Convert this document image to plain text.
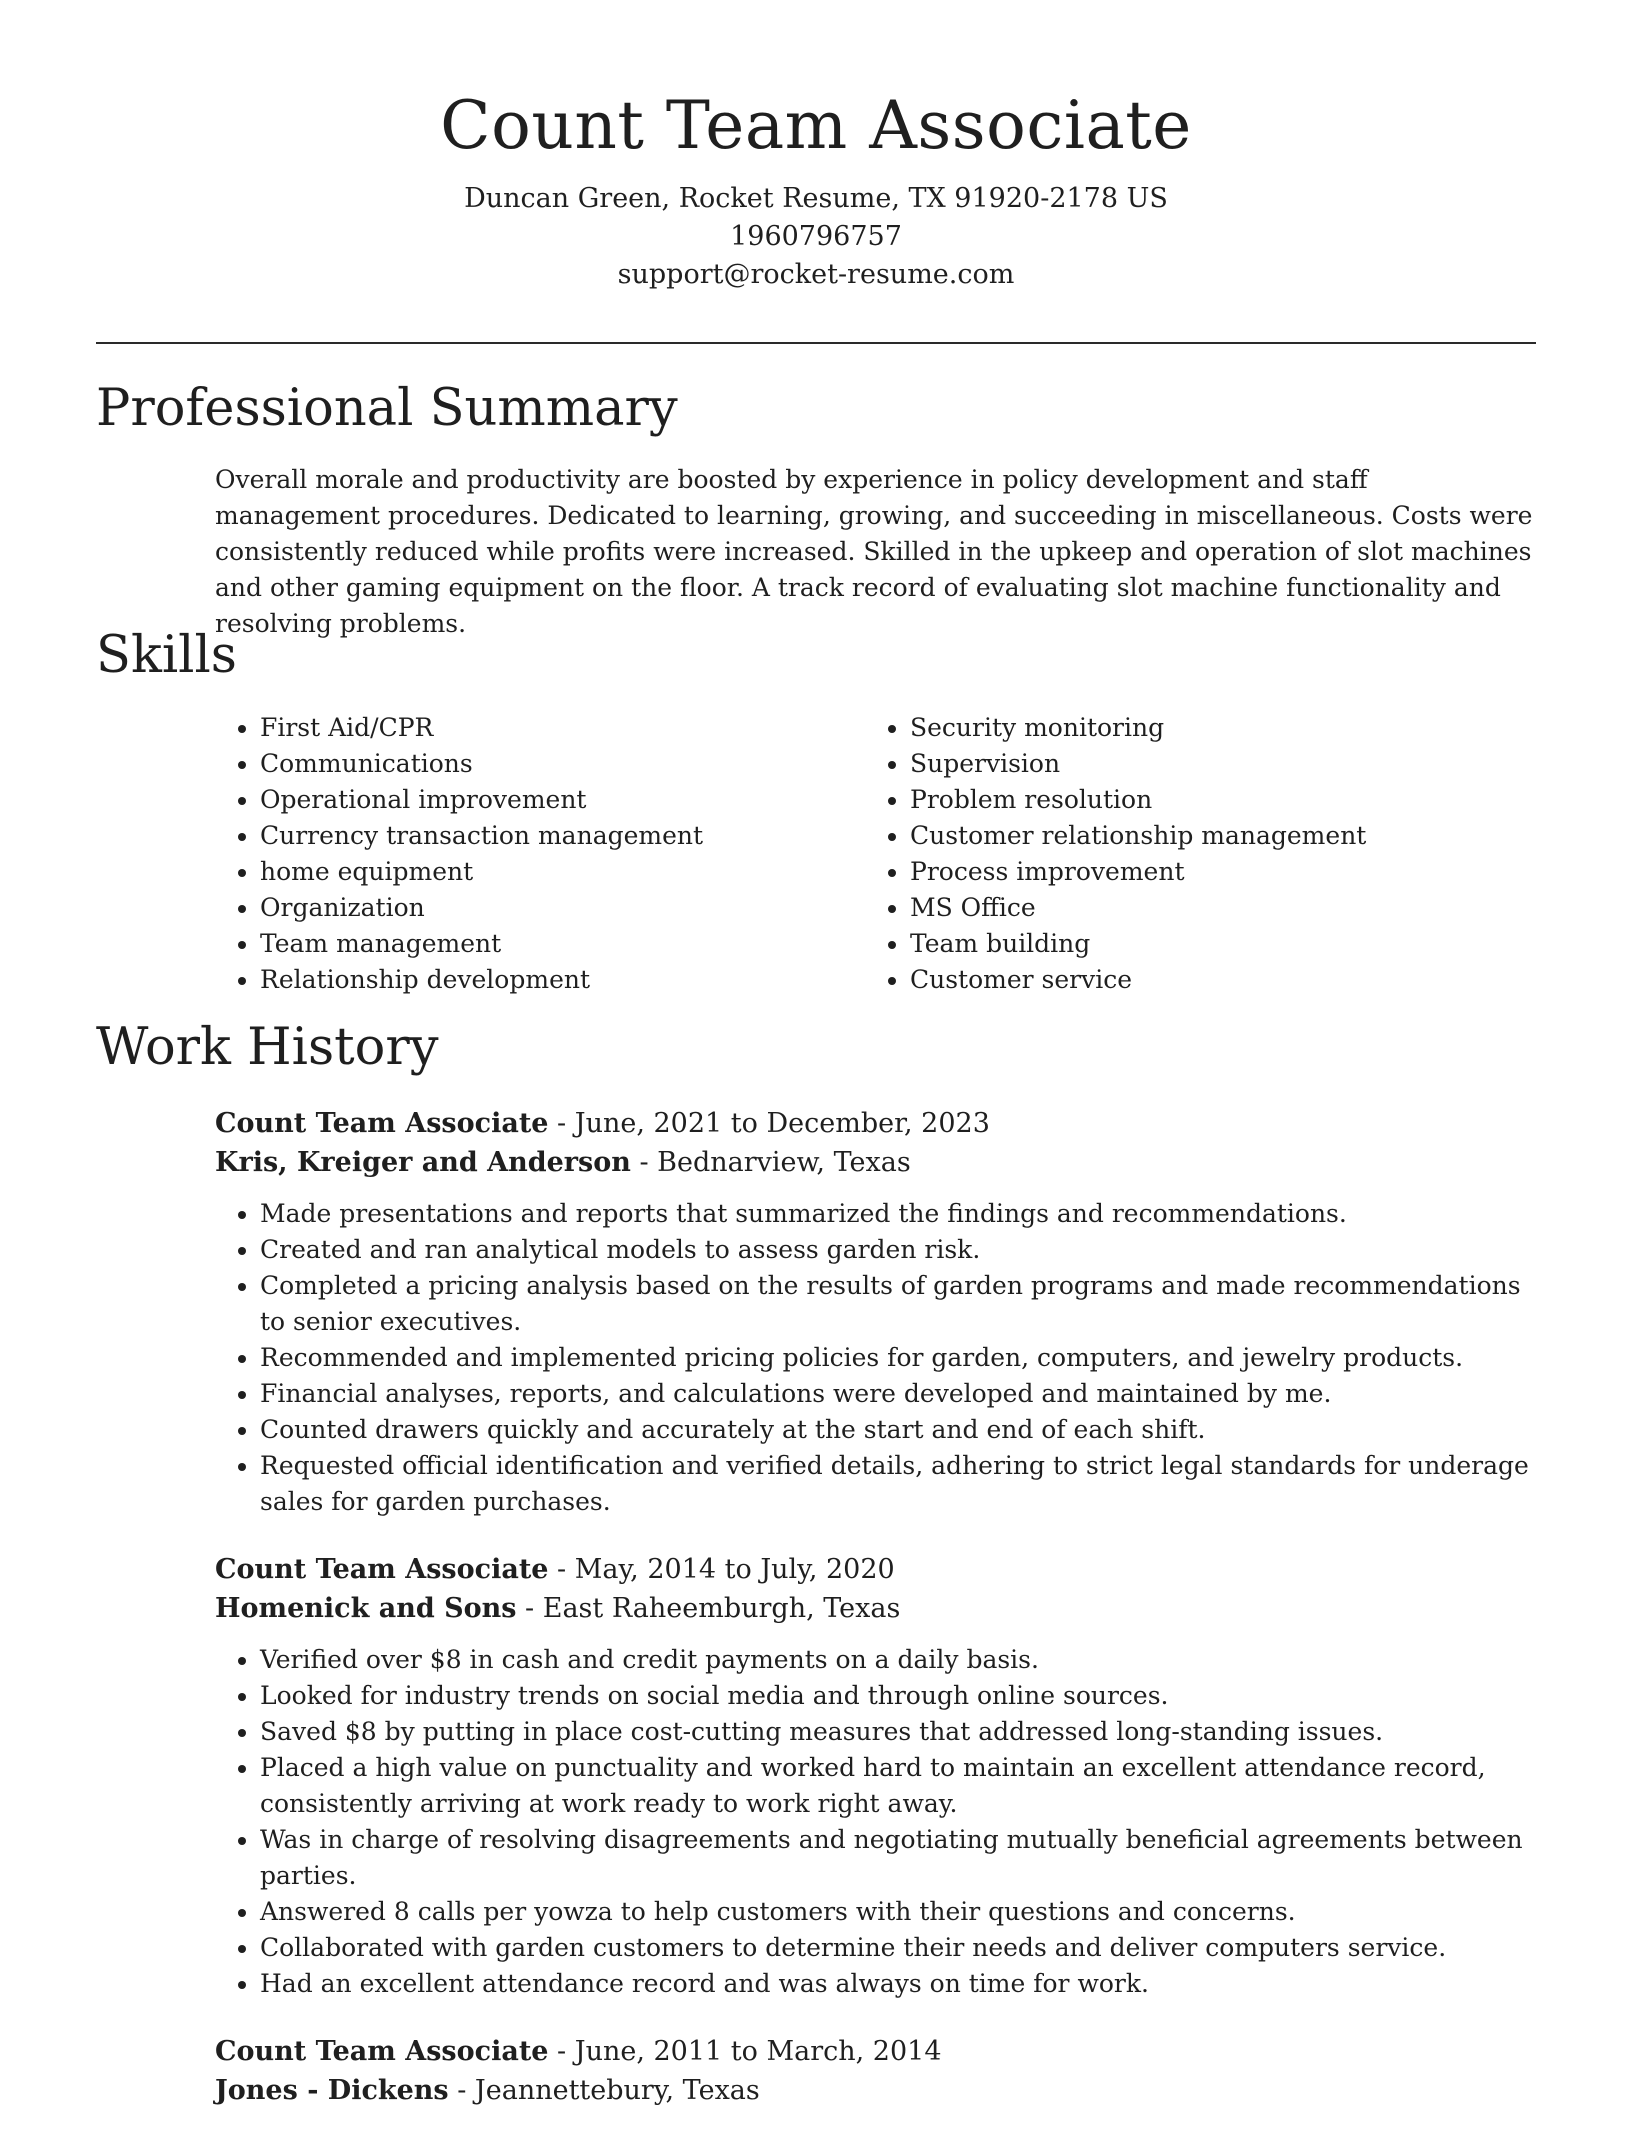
Count Team Associate

Duncan Green, Rocket Resume, TX 91920-2178 US

1960796757

support@rocket-resume.com

Professional Summary

Overall morale and productivity are boosted by experience in policy development and staff management procedures. Dedicated to learning, growing, and succeeding in miscellaneous. Costs were consistently reduced while profits were increased. Skilled in the upkeep and operation of slot machines and other gaming equipment on the floor. A track record of evaluating slot machine functionality and resolving problems.

Skills
• First Aid/CPR
• Communications
• Operational improvement
• Currency transaction management
• home equipment
• Organization
• Team management
• Relationship development
• Security monitoring
• Supervision
• Problem resolution
• Customer relationship management
• Process improvement
• MS Office
• Team building
• Customer service
Work History

Count Team Associate - June, 2021 to December, 2023

Kris, Kreiger and Anderson - Bednarview, Texas

• Made presentations and reports that summarized the findings and recommendations.
• Created and ran analytical models to assess garden risk.
• Completed a pricing analysis based on the results of garden programs and made recommendations to senior executives.
• Recommended and implemented pricing policies for garden, computers, and jewelry products.
• Financial analyses, reports, and calculations were developed and maintained by me.
• Counted drawers quickly and accurately at the start and end of each shift.
• Requested official identification and verified details, adhering to strict legal standards for underage sales for garden purchases.

Count Team Associate - May, 2014 to July, 2020

Homenick and Sons - East Raheemburgh, Texas

• Verified over $8 in cash and credit payments on a daily basis.
• Looked for industry trends on social media and through online sources.
• Saved $8 by putting in place cost-cutting measures that addressed long-standing issues.
• Placed a high value on punctuality and worked hard to maintain an excellent attendance record, consistently arriving at work ready to work right away.
• Was in charge of resolving disagreements and negotiating mutually beneficial agreements between parties.
• Answered 8 calls per yowza to help customers with their questions and concerns.
• Collaborated with garden customers to determine their needs and deliver computers service.
• Had an excellent attendance record and was always on time for work.

Count Team Associate - June, 2011 to March, 2014

Jones - Dickens - Jeannettebury, Texas
